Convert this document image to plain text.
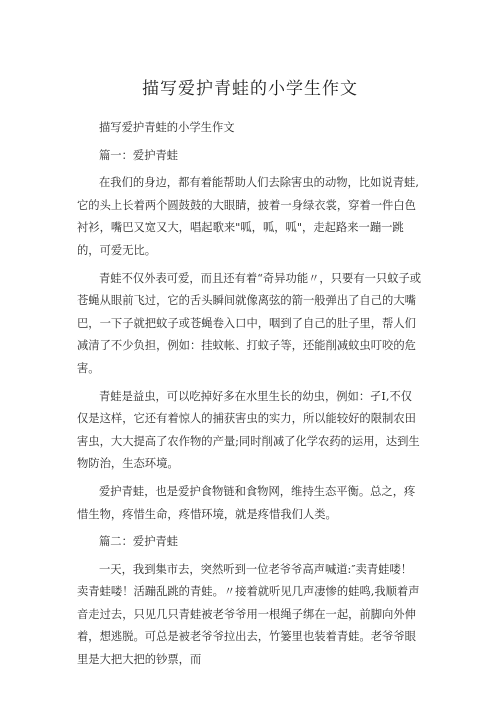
描写爱护青蛙的小学生作文

描写爱护青蛙的小学生作文

篇一：爱护青蛙

在我们的身边，都有着能帮助人们去除害虫的动物，比如说青蛙,它的头上长着两个圆鼓鼓的大眼睛，披着一身绿衣裳，穿着一件白色衬衫，嘴巴又宽又大，唱起歌来"呱，呱，呱"，走起路来一蹦一跳的，可爱无比。

青蛙不仅外表可爱，而且还有着“奇异功能〃，只要有一只蚊子或苍蝇从眼前飞过，它的舌头瞬间就像离弦的箭一般弹出了自己的大嘴巴，一下子就把蚊子或苍蝇卷入口中，咽到了自己的肚子里，帮人们减清了不少负担，例如：挂蚊帐、打蚊子等，还能削减蚊虫叮咬的危害。

青蛙是益虫，可以吃掉好多在水里生长的幼虫，例如：孑I,不仅仅是这样，它还有着惊人的捕获害虫的实力，所以能较好的限制农田害虫，大大提高了农作物的产量;同时削减了化学农药的运用，达到生物防治，生态环境。

爱护青蛙，也是爱护食物链和食物网，维持生态平衡。总之，疼惜生物，疼惜生命，疼惜环境，就是疼惜我们人类。

篇二：爱护青蛙

一天，我到集市去，突然听到一位老爷爷高声喊道:″卖青蛙喽！卖青蛙喽！活蹦乱跳的青蛙。〃接着就听见几声凄惨的蛙鸣,我顺着声音走过去，只见几只青蛙被老爷爷用一根绳子绑在一起，前脚向外伸着，想逃脱。可总是被老爷爷拉出去，竹篓里也装着青蛙。老爷爷眼里是大把大把的钞票，而
